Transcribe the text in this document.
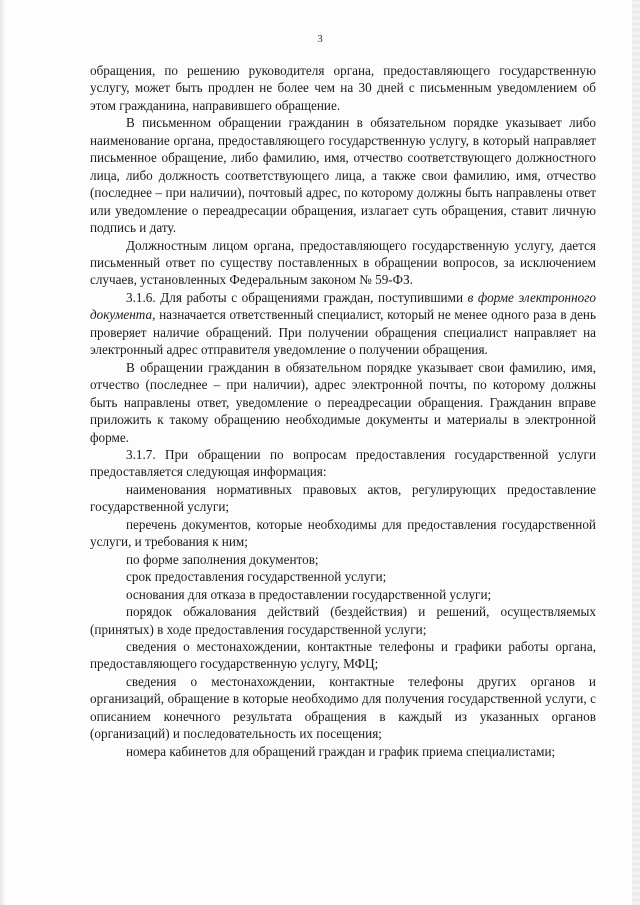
3

обращения, по решению руководителя органа, предоставляющего государственную услугу, может быть продлен не более чем на 30 дней с письменным уведомлением об этом гражданина, направившего обращение.

В письменном обращении гражданин в обязательном порядке указывает либо наименование органа, предоставляющего государственную услугу, в который направляет письменное обращение, либо фамилию, имя, отчество соответствующего должностного лица, либо должность соответствующего лица, а также свои фамилию, имя, отчество (последнее – при наличии), почтовый адрес, по которому должны быть направлены ответ или уведомление о переадресации обращения, излагает суть обращения, ставит личную подпись и дату.

Должностным лицом органа, предоставляющего государственную услугу, дается письменный ответ по существу поставленных в обращении вопросов, за исключением случаев, установленных Федеральным законом № 59-ФЗ.

3.1.6. Для работы с обращениями граждан, поступившими в форме электронного документа, назначается ответственный специалист, который не менее одного раза в день проверяет наличие обращений. При получении обращения специалист направляет на электронный адрес отправителя уведомление о получении обращения.

В обращении гражданин в обязательном порядке указывает свои фамилию, имя, отчество (последнее – при наличии), адрес электронной почты, по которому должны быть направлены ответ, уведомление о переадресации обращения. Гражданин вправе приложить к такому обращению необходимые документы и материалы в электронной форме.

3.1.7. При обращении по вопросам предоставления государственной услуги предоставляется следующая информация:

наименования нормативных правовых актов, регулирующих предоставление государственной услуги;

перечень документов, которые необходимы для предоставления государственной услуги, и требования к ним;

по форме заполнения документов;

срок предоставления государственной услуги;

основания для отказа в предоставлении государственной услуги;

порядок обжалования действий (бездействия) и решений, осуществляемых (принятых) в ходе предоставления государственной услуги;

сведения о местонахождении, контактные телефоны и графики работы органа, предоставляющего государственную услугу, МФЦ;

сведения о местонахождении, контактные телефоны других органов и организаций, обращение в которые необходимо для получения государственной услуги, с описанием конечного результата обращения в каждый из указанных органов (организаций) и последовательность их посещения;

номера кабинетов для обращений граждан и график приема специалистами;
